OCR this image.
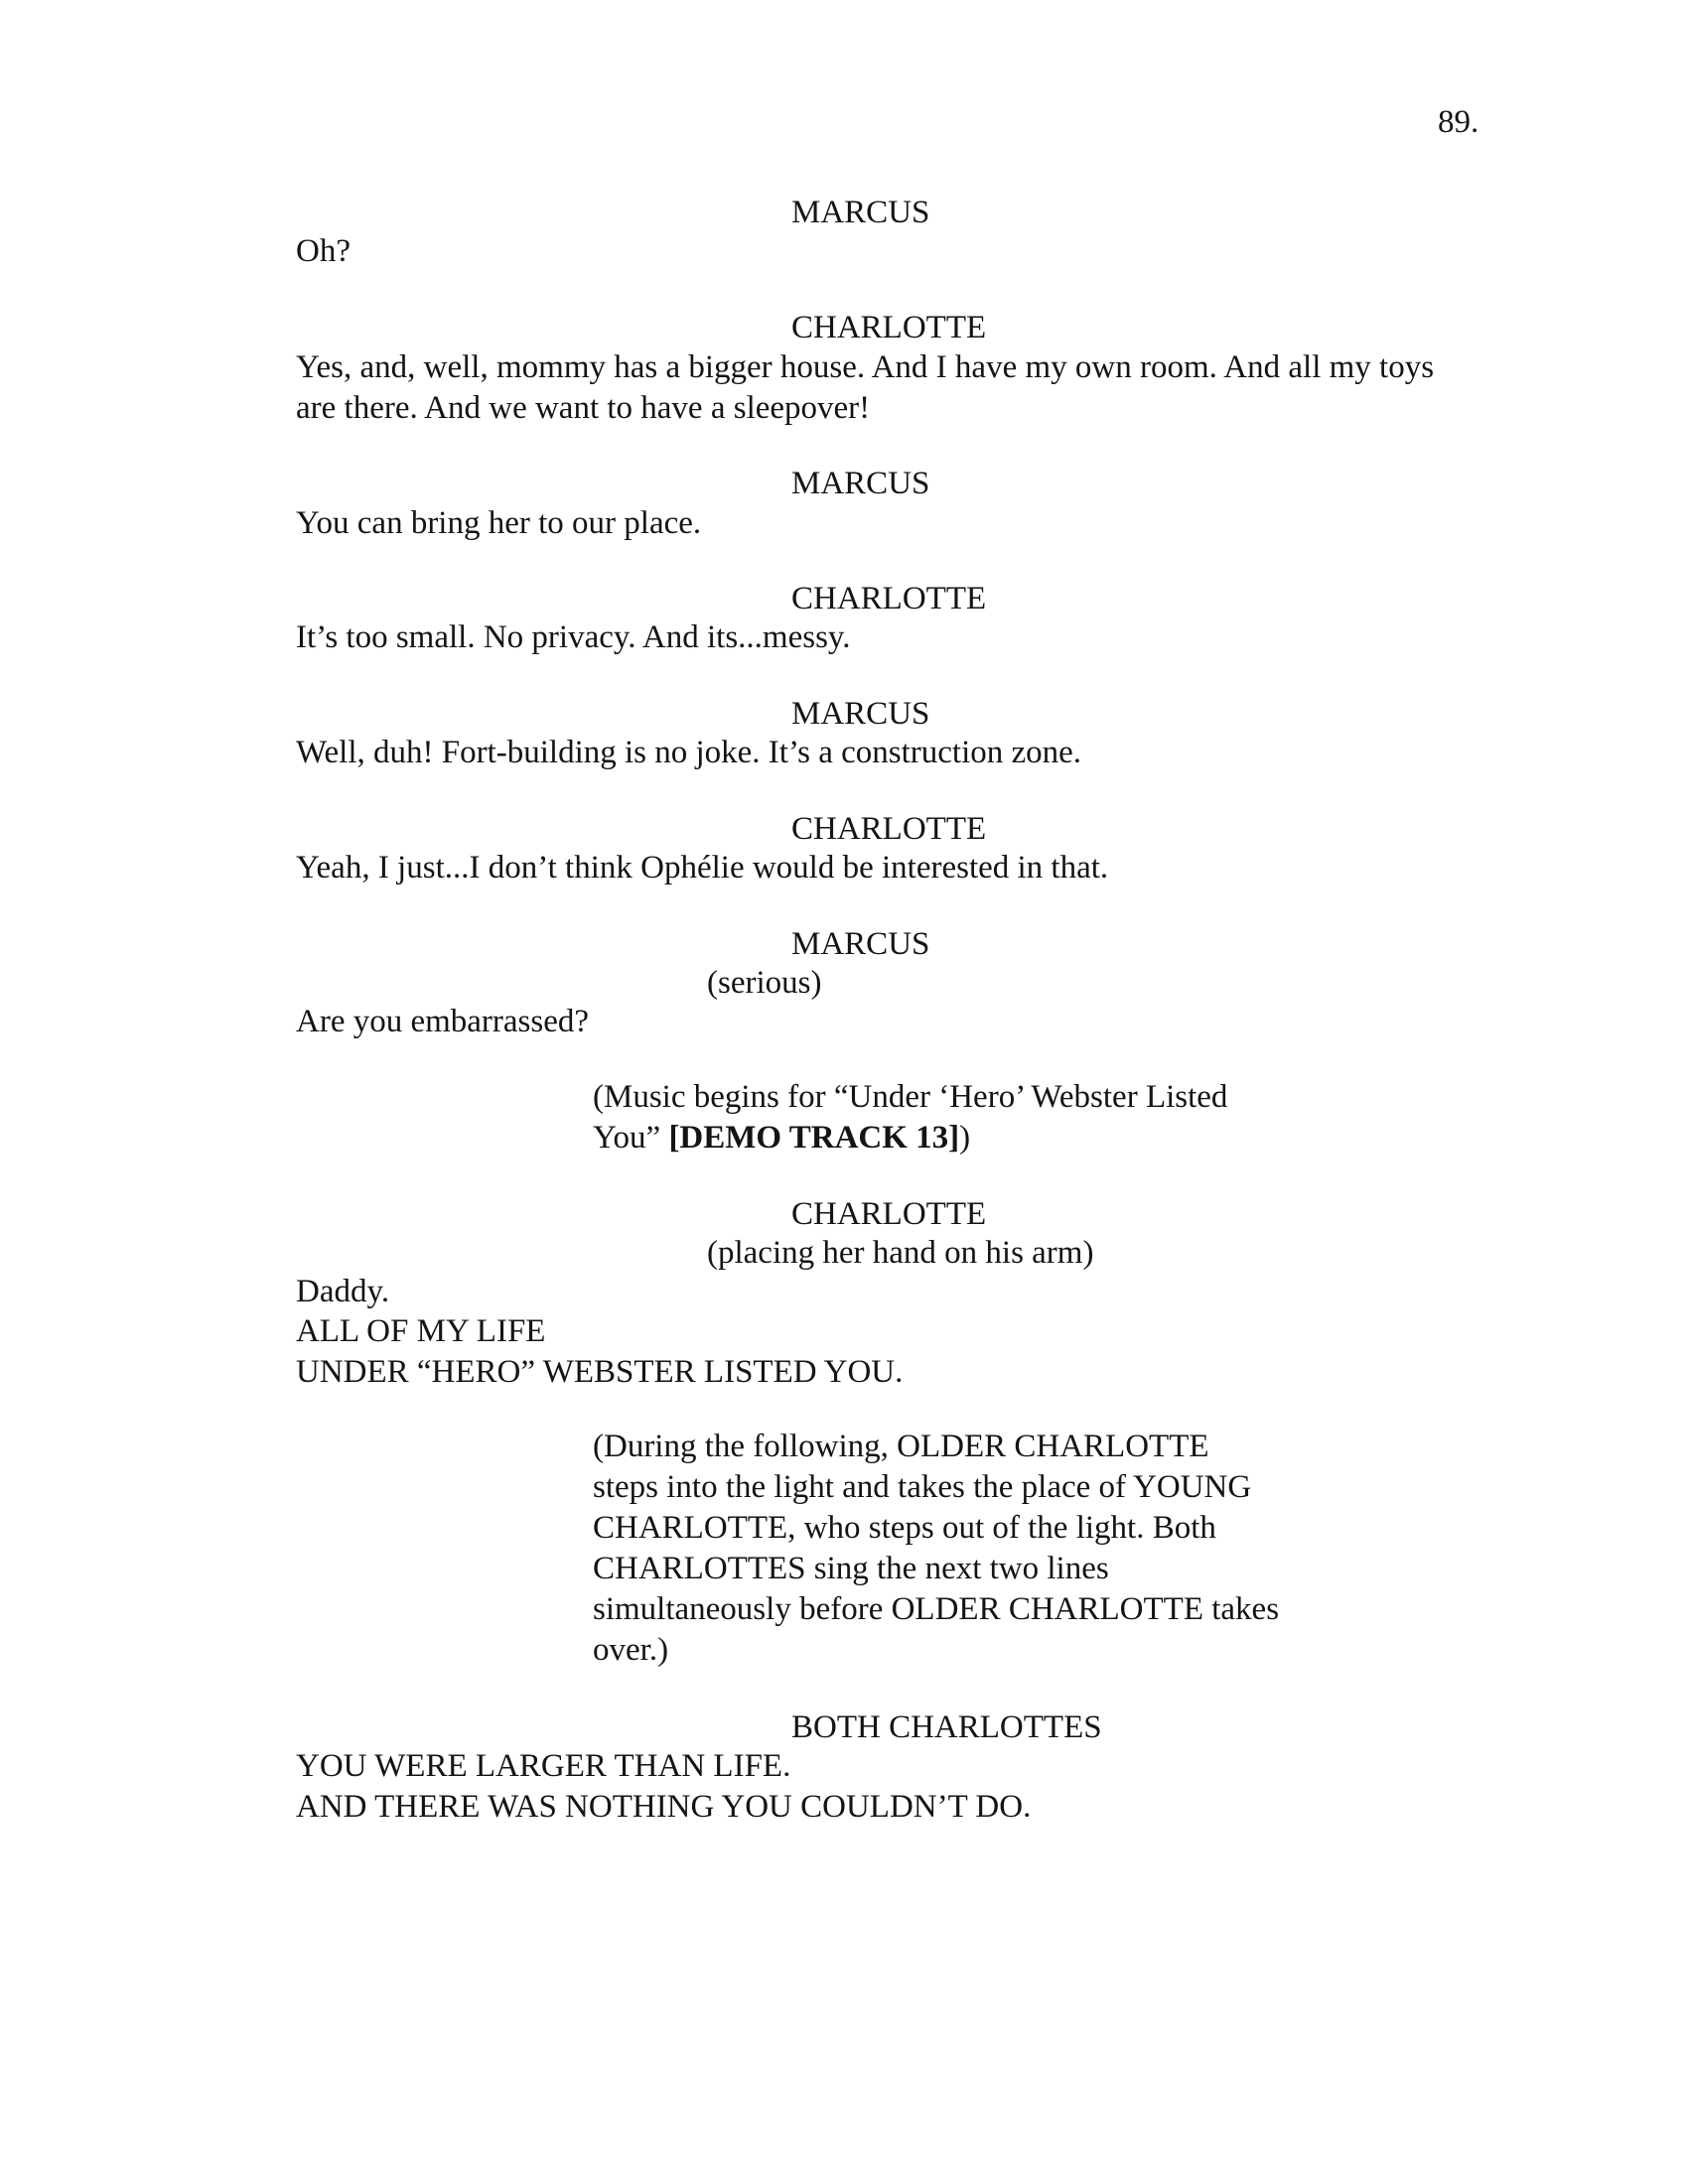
89.
MARCUS
Oh?
CHARLOTTE
Yes, and, well, mommy has a bigger house. And I have my own room. And all my toys
are there. And we want to have a sleepover!
MARCUS
You can bring her to our place.
CHARLOTTE
It’s too small. No privacy. And its...messy.
MARCUS
Well, duh! Fort-building is no joke. It’s a construction zone.
CHARLOTTE
Yeah, I just...I don’t think Ophélie would be interested in that.
MARCUS
(serious)
Are you embarrassed?
(Music begins for “Under ‘Hero’ Webster Listed
You” [DEMO TRACK 13])
CHARLOTTE
(placing her hand on his arm)
Daddy.
ALL OF MY LIFE
UNDER “HERO” WEBSTER LISTED YOU.
(During the following, OLDER CHARLOTTE
steps into the light and takes the place of YOUNG
CHARLOTTE, who steps out of the light. Both
CHARLOTTES sing the next two lines
simultaneously before OLDER CHARLOTTE takes
over.)
BOTH CHARLOTTES
YOU WERE LARGER THAN LIFE.
AND THERE WAS NOTHING YOU COULDN’T DO.
